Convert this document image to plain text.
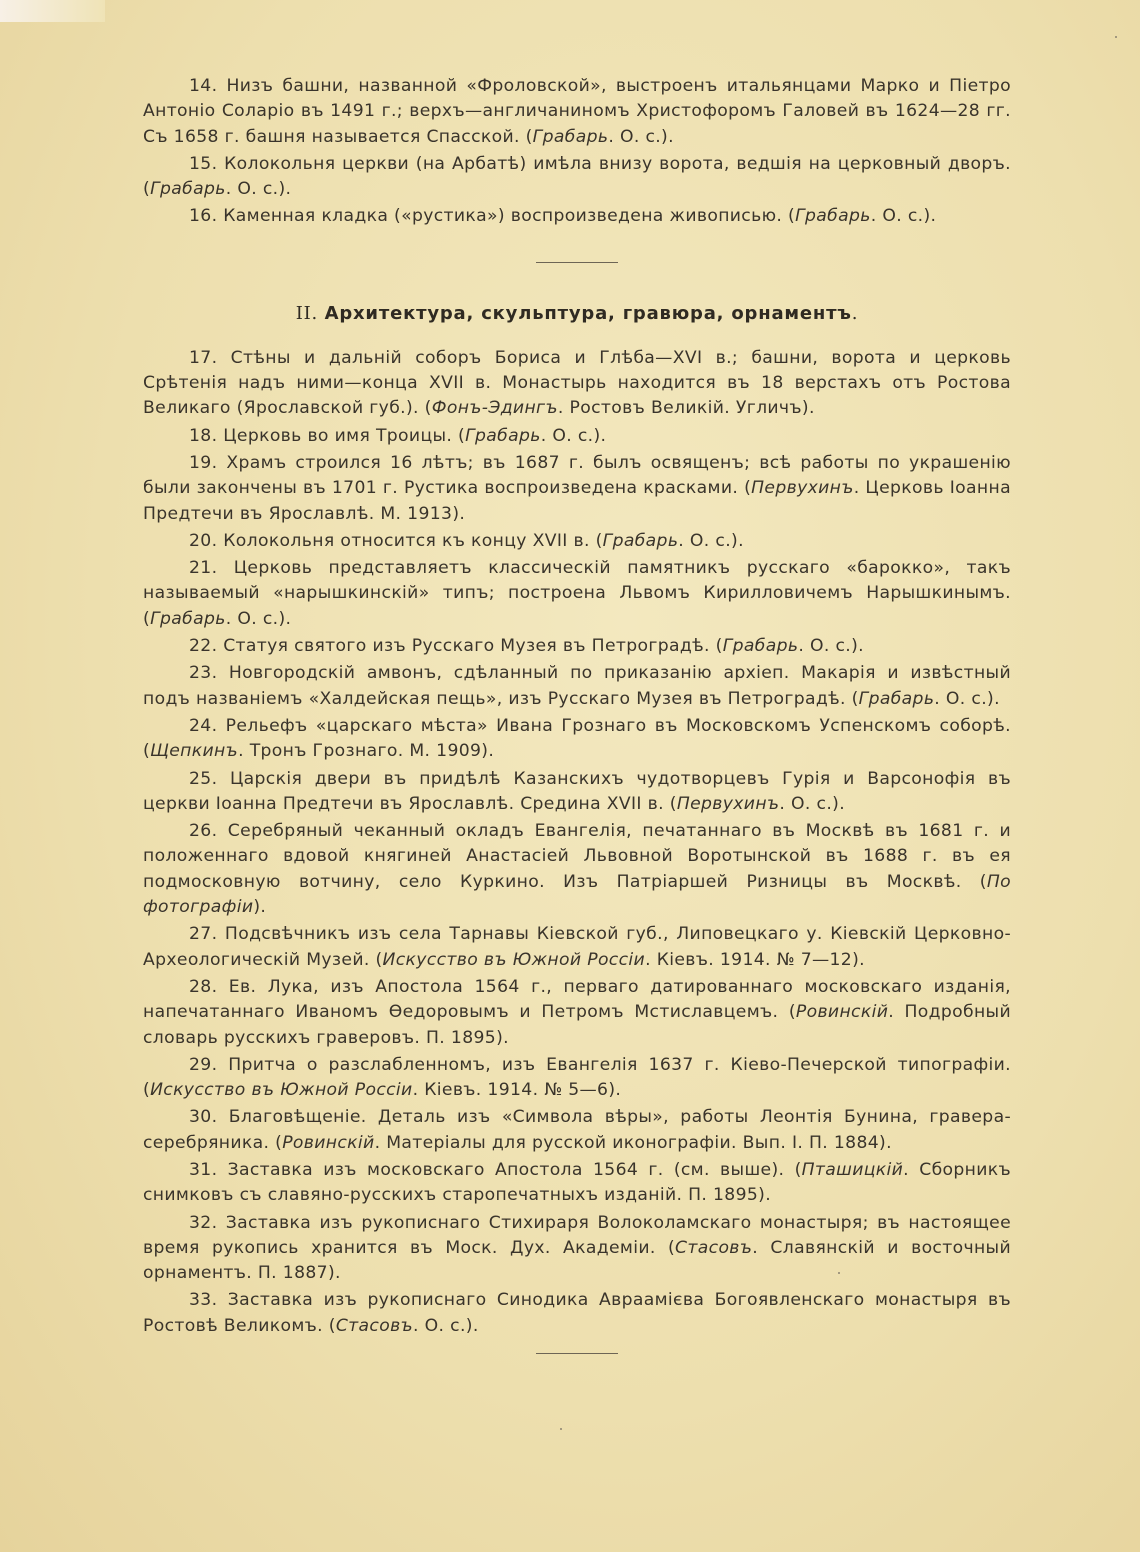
14. Низъ башни, названной «Фроловской», выстроенъ итальянцами Марко и Піетро Антоніо Соларіо въ 1491 г.; верхъ—англичаниномъ Христофоромъ Галовей въ 1624—28 гг. Съ 1658 г. башня называется Спасской. (Грабарь. О. с.).

15. Колокольня церкви (на Арбатѣ) имѣла внизу ворота, ведшія на церковный дворъ. (Грабарь. О. с.).

16. Каменная кладка («рустика») воспроизведена живописью. (Грабарь. О. с.).

II. Архитектура, скульптура, гравюра, орнаментъ.

17. Стѣны и дальній соборъ Бориса и Глѣба—XVI в.; башни, ворота и церковь Срѣтенія надъ ними—конца XVII в. Монастырь находится въ 18 верстахъ отъ Ростова Великаго (Ярославской губ.). (Фонъ-Эдингъ. Ростовъ Великій. Угличъ).

18. Церковь во имя Троицы. (Грабарь. О. с.).

19. Храмъ строился 16 лѣтъ; въ 1687 г. былъ освященъ; всѣ работы по украшенію были закончены въ 1701 г. Рустика воспроизведена красками. (Первухинъ. Церковь Іоанна Предтечи въ Ярославлѣ. М. 1913).

20. Колокольня относится къ концу XVII в. (Грабарь. О. с.).

21. Церковь представляетъ классическій памятникъ русскаго «барокко», такъ называемый «нарышкинскій» типъ; построена Львомъ Кирилловичемъ Нарышкинымъ. (Грабарь. О. с.).

22. Статуя святого изъ Русскаго Музея въ Петроградѣ. (Грабарь. О. с.).

23. Новгородскій амвонъ, сдѣланный по приказанію архіеп. Макарія и извѣстный подъ названіемъ «Халдейская пещь», изъ Русскаго Музея въ Петроградѣ. (Грабарь. О. с.).

24. Рельефъ «царскаго мѣста» Ивана Грознаго въ Московскомъ Успенскомъ соборѣ. (Щепкинъ. Тронъ Грознаго. М. 1909).

25. Царскія двери въ придѣлѣ Казанскихъ чудотворцевъ Гурія и Варсонофія въ церкви Іоанна Предтечи въ Ярославлѣ. Средина XVII в. (Первухинъ. О. с.).

26. Серебряный чеканный окладъ Евангелія, печатаннаго въ Москвѣ въ 1681 г. и положеннаго вдовой княгиней Анастасіей Львовной Воротынской въ 1688 г. въ ея подмосковную вотчину, село Куркино. Изъ Патріаршей Ризницы въ Москвѣ. (По фотографіи).

27. Подсвѣчникъ изъ села Тарнавы Кіевской губ., Липовецкаго у. Кіевскій Церковно-Археологическій Музей. (Искусство въ Южной Россіи. Кіевъ. 1914. № 7—12).

28. Ев. Лука, изъ Апостола 1564 г., перваго датированнаго московскаго изданія, напечатаннаго Иваномъ Ѳедоровымъ и Петромъ Мстиславцемъ. (Ровинскій. Подробный словарь русскихъ граверовъ. П. 1895).

29. Притча о разслабленномъ, изъ Евангелія 1637 г. Кіево-Печерской типографіи. (Искусство въ Южной Россіи. Кіевъ. 1914. № 5—6).

30. Благовѣщеніе. Деталь изъ «Символа вѣры», работы Леонтія Бунина, гравера-серебряника. (Ровинскій. Матеріалы для русской иконографіи. Вып. I. П. 1884).

31. Заставка изъ московскаго Апостола 1564 г. (см. выше). (Пташицкій. Сборникъ снимковъ съ славяно-русскихъ старопечатныхъ изданій. П. 1895).

32. Заставка изъ рукописнаго Стихираря Волоколамскаго монастыря; въ настоящее время рукопись хранится въ Моск. Дух. Академіи. (Стасовъ. Славянскій и восточный орнаментъ. П. 1887).

33. Заставка изъ рукописнаго Синодика Авраамієва Богоявленскаго монастыря въ Ростовѣ Великомъ. (Стасовъ. О. с.).
